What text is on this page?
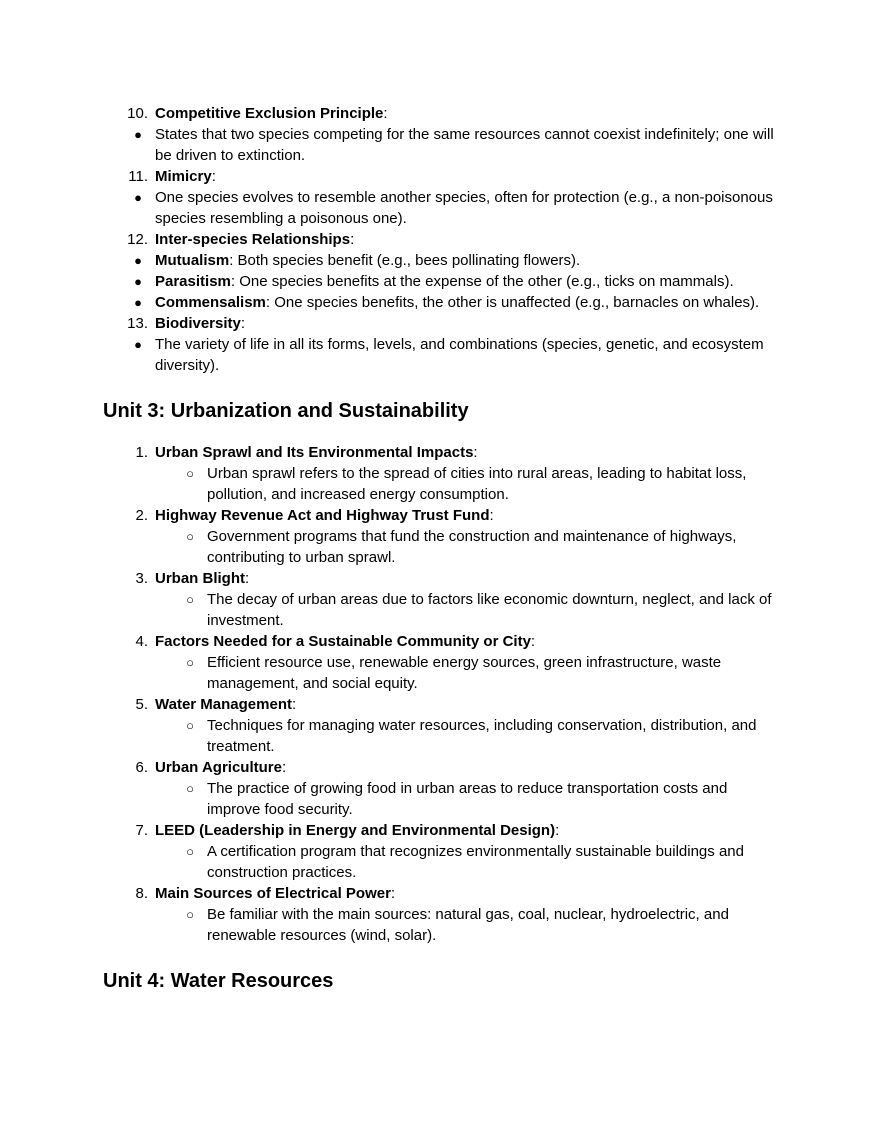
10. Competitive Exclusion Principle:
● States that two species competing for the same resources cannot coexist indefinitely; one will be driven to extinction.
11. Mimicry:
● One species evolves to resemble another species, often for protection (e.g., a non-poisonous species resembling a poisonous one).
12. Inter-species Relationships:
● Mutualism: Both species benefit (e.g., bees pollinating flowers).
● Parasitism: One species benefits at the expense of the other (e.g., ticks on mammals).
● Commensalism: One species benefits, the other is unaffected (e.g., barnacles on whales).
13. Biodiversity:
● The variety of life in all its forms, levels, and combinations (species, genetic, and ecosystem diversity).
Unit 3: Urbanization and Sustainability
1. Urban Sprawl and Its Environmental Impacts:
○ Urban sprawl refers to the spread of cities into rural areas, leading to habitat loss, pollution, and increased energy consumption.
2. Highway Revenue Act and Highway Trust Fund:
○ Government programs that fund the construction and maintenance of highways, contributing to urban sprawl.
3. Urban Blight:
○ The decay of urban areas due to factors like economic downturn, neglect, and lack of investment.
4. Factors Needed for a Sustainable Community or City:
○ Efficient resource use, renewable energy sources, green infrastructure, waste management, and social equity.
5. Water Management:
○ Techniques for managing water resources, including conservation, distribution, and treatment.
6. Urban Agriculture:
○ The practice of growing food in urban areas to reduce transportation costs and improve food security.
7. LEED (Leadership in Energy and Environmental Design):
○ A certification program that recognizes environmentally sustainable buildings and construction practices.
8. Main Sources of Electrical Power:
○ Be familiar with the main sources: natural gas, coal, nuclear, hydroelectric, and renewable resources (wind, solar).
Unit 4: Water Resources
